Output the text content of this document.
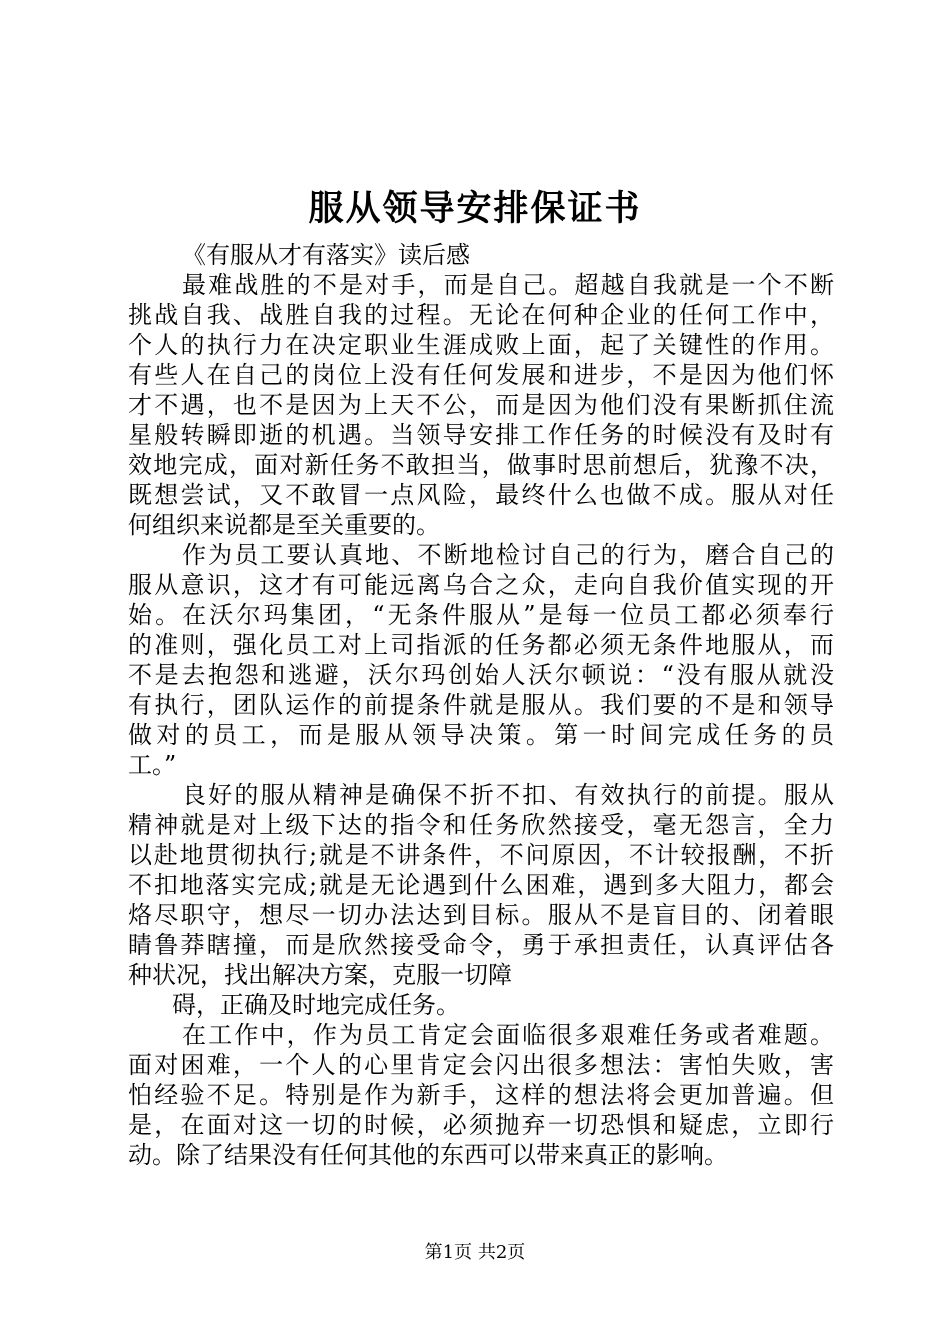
服从领导安排保证书
《有服从才有落实》读后感
最难战胜的不是对手，而是自己。超越自我就是一个不断
挑战自我、战胜自我的过程。无论在何种企业的任何工作中，
个人的执行力在决定职业生涯成败上面，起了关键性的作用。
有些人在自己的岗位上没有任何发展和进步，不是因为他们怀
才不遇，也不是因为上天不公，而是因为他们没有果断抓住流
星般转瞬即逝的机遇。当领导安排工作任务的时候没有及时有
效地完成，面对新任务不敢担当，做事时思前想后，犹豫不决，
既想尝试，又不敢冒一点风险，最终什么也做不成。服从对任
何组织来说都是至关重要的。
作为员工要认真地、不断地检讨自己的行为，磨合自己的
服从意识，这才有可能远离乌合之众，走向自我价值实现的开
始。在沃尔玛集团，“无条件服从”是每一位员工都必须奉行
的准则，强化员工对上司指派的任务都必须无条件地服从，而
不是去抱怨和逃避，沃尔玛创始人沃尔顿说：“没有服从就没
有执行，团队运作的前提条件就是服从。我们要的不是和领导
做对的员工，而是服从领导决策。第一时间完成任务的员
工。”
良好的服从精神是确保不折不扣、有效执行的前提。服从
精神就是对上级下达的指令和任务欣然接受，毫无怨言，全力
以赴地贯彻执行;就是不讲条件，不问原因，不计较报酬，不折
不扣地落实完成;就是无论遇到什么困难，遇到多大阻力，都会
烙尽职守，想尽一切办法达到目标。服从不是盲目的、闭着眼
睛鲁莽瞎撞，而是欣然接受命令，勇于承担责任，认真评估各
种状况，找出解决方案，克服一切障
碍，正确及时地完成任务。
在工作中，作为员工肯定会面临很多艰难任务或者难题。
面对困难，一个人的心里肯定会闪出很多想法：害怕失败，害
怕经验不足。特别是作为新手，这样的想法将会更加普遍。但
是，在面对这一切的时候，必须抛弃一切恐惧和疑虑，立即行
动。除了结果没有任何其他的东西可以带来真正的影响。
第1页 共2页
